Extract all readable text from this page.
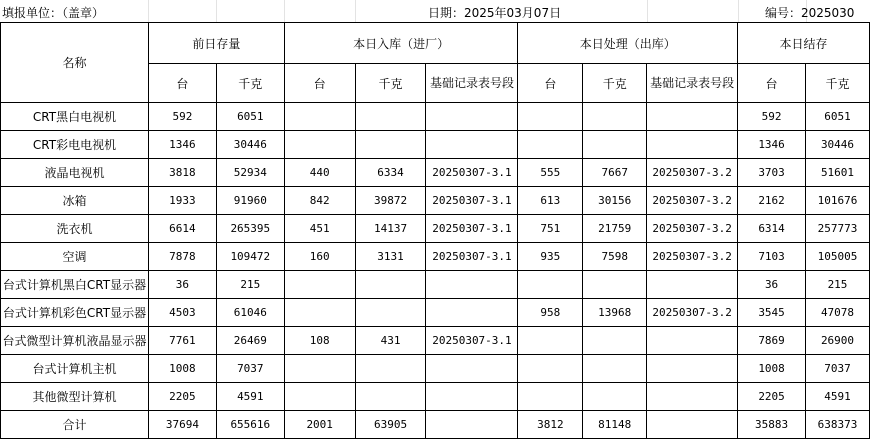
填报单位：（盖章）	日期：2025年03月07日	编号：2025030
名称	前日存量		本日入库（进厂）			本日处理（出库）			本日结存	
	台	千克	台	千克	基础记录表号段	台	千克	基础记录表号段	台	千克
CRT黑白电视机	592	6051							592	6051
CRT彩电电视机	1346	30446							1346	30446
液晶电视机	3818	52934	440	6334	20250307-3.1	555	7667	20250307-3.2	3703	51601
冰箱	1933	91960	842	39872	20250307-3.1	613	30156	20250307-3.2	2162	101676
洗衣机	6614	265395	451	14137	20250307-3.1	751	21759	20250307-3.2	6314	257773
空调	7878	109472	160	3131	20250307-3.1	935	7598	20250307-3.2	7103	105005
台式计算机黑白CRT显示器	36	215							36	215
台式计算机彩色CRT显示器	4503	61046				958	13968	20250307-3.2	3545	47078
台式微型计算机液晶显示器	7761	26469	108	431	20250307-3.1				7869	26900
台式计算机主机	1008	7037							1008	7037
其他微型计算机	2205	4591							2205	4591
合计	37694	655616	2001	63905		3812	81148		35883	638373
